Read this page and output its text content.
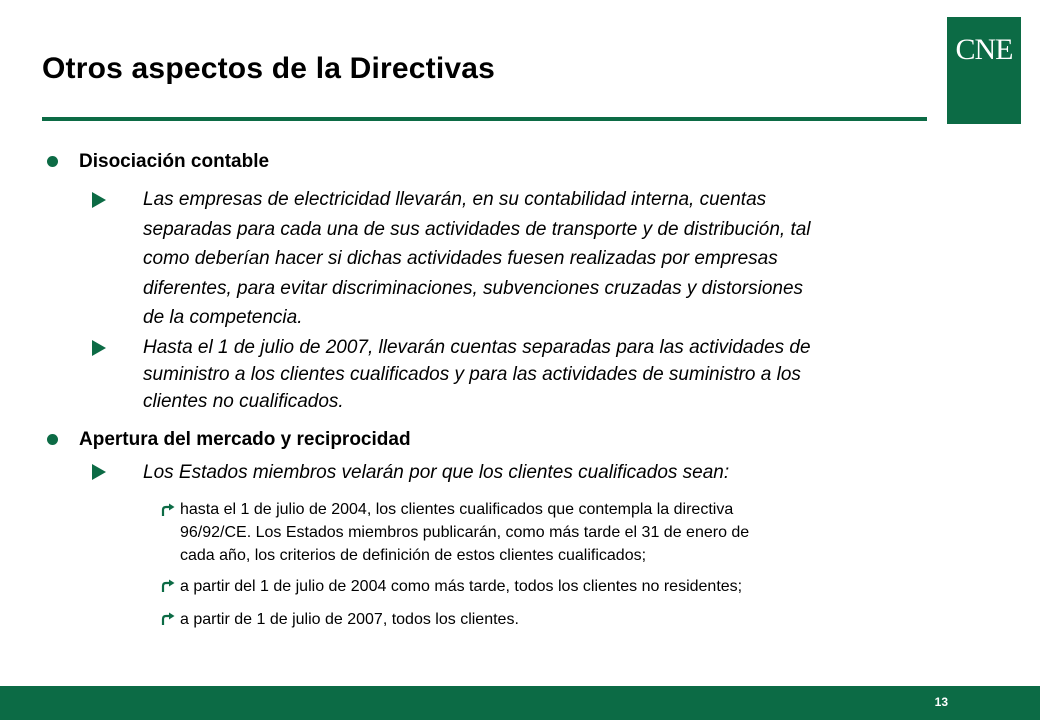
Otros aspectos de la Directivas
CNE
Disociación contable
Las empresas de electricidad llevarán, en su contabilidad interna, cuentas
separadas para cada una de sus actividades de transporte y de distribución, tal
como deberían hacer si dichas actividades fuesen realizadas por empresas
diferentes, para evitar discriminaciones, subvenciones cruzadas y distorsiones
de la competencia.
Hasta el 1 de julio de 2007, llevarán cuentas separadas para las actividades de
suministro a los clientes cualificados y para las actividades de suministro a los
clientes no cualificados.
Apertura del mercado y reciprocidad
Los Estados miembros velarán por que los clientes cualificados sean:
hasta el 1 de julio de 2004, los clientes cualificados que contempla la directiva
96/92/CE. Los Estados miembros publicarán, como más tarde el 31 de enero de
cada año, los criterios de definición de estos clientes cualificados;
a partir del 1 de julio de 2004 como más tarde, todos los clientes no residentes;
a partir de 1 de julio de 2007, todos los clientes.
13
